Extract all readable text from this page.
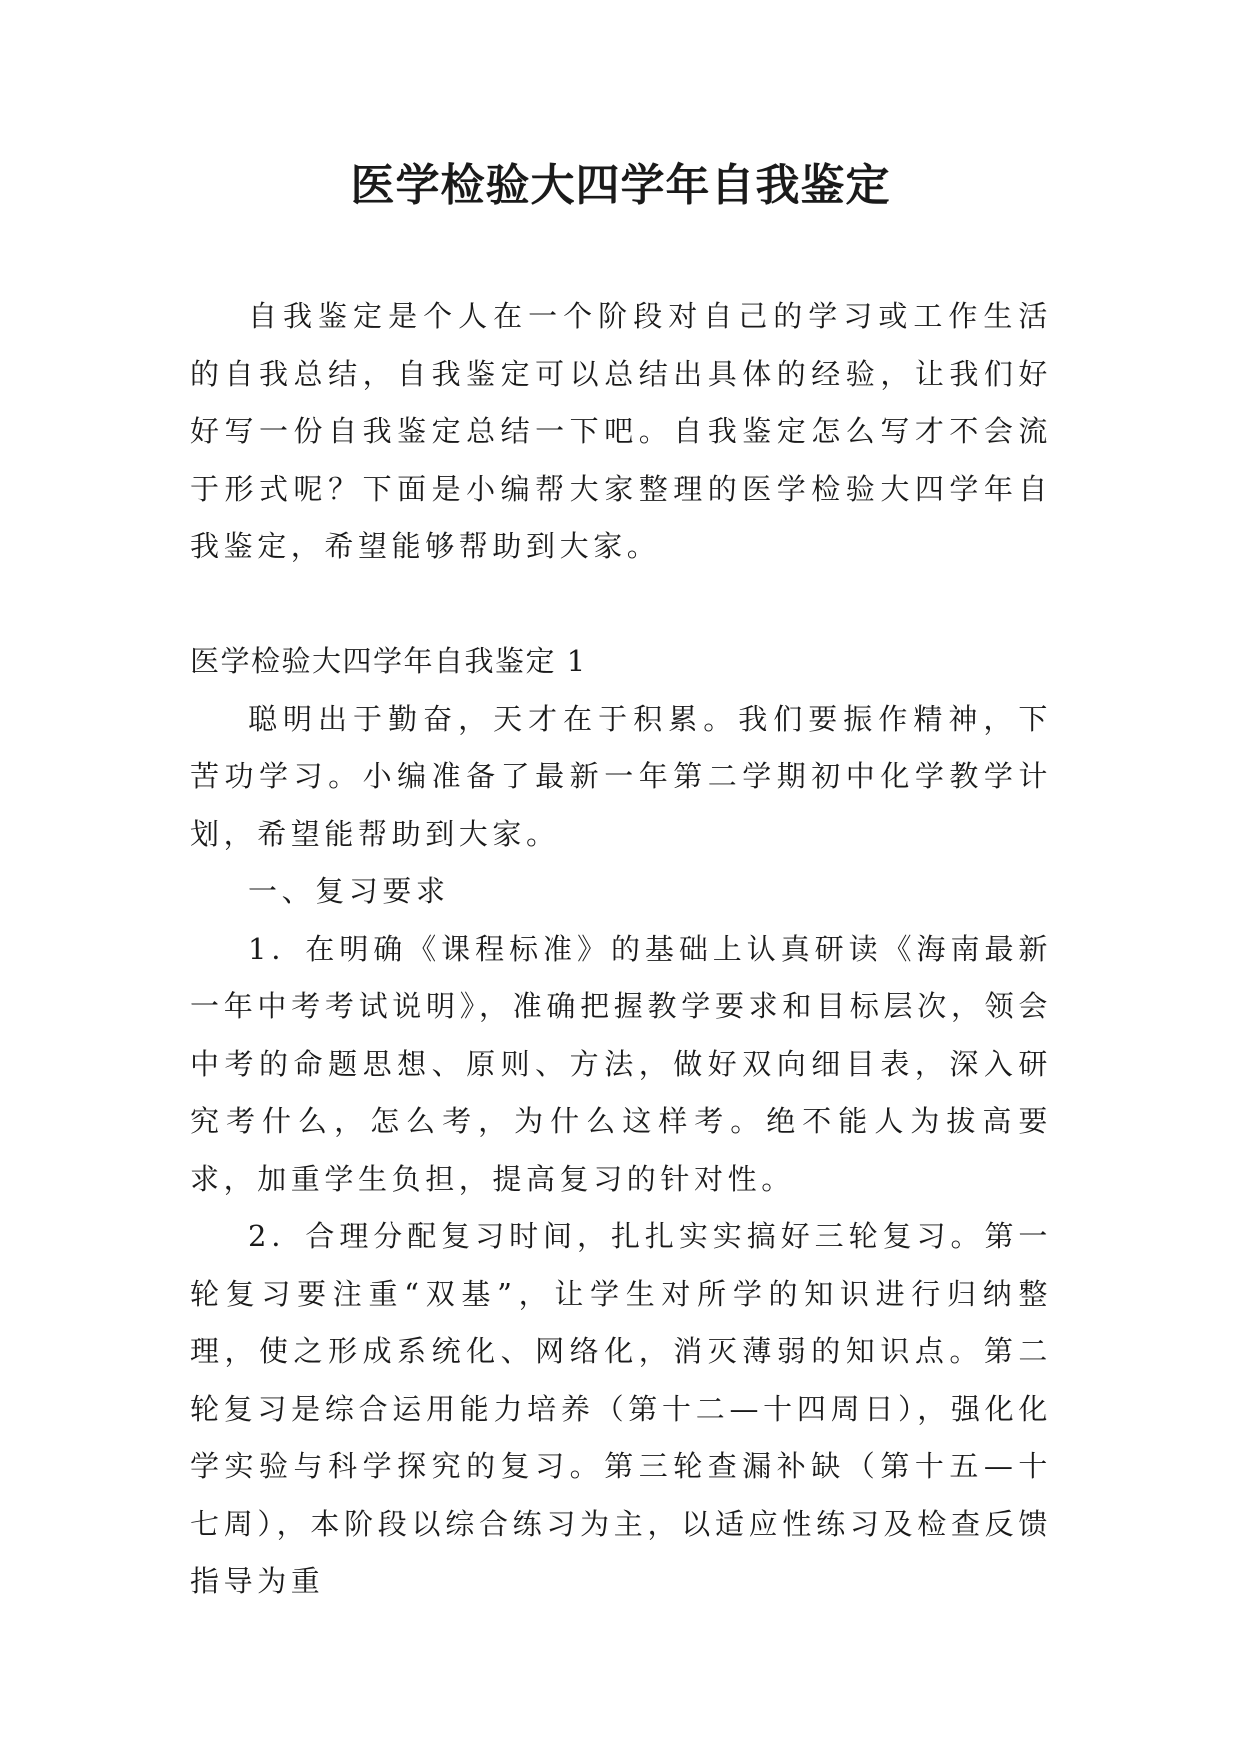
医学检验大四学年自我鉴定

自我鉴定是个人在一个阶段对自己的学习或工作生活的自我总结，自我鉴定可以总结出具体的经验，让我们好好写一份自我鉴定总结一下吧。自我鉴定怎么写才不会流于形式呢？下面是小编帮大家整理的医学检验大四学年自我鉴定，希望能够帮助到大家。

医学检验大四学年自我鉴定 1

聪明出于勤奋，天才在于积累。我们要振作精神，下苦功学习。小编准备了最新一年第二学期初中化学教学计划，希望能帮助到大家。

一、复习要求

1．在明确《课程标准》的基础上认真研读《海南最新一年中考考试说明》，准确把握教学要求和目标层次，领会中考的命题思想、原则、方法，做好双向细目表，深入研究考什么，怎么考，为什么这样考。绝不能人为拔高要求，加重学生负担，提高复习的针对性。

2．合理分配复习时间，扎扎实实搞好三轮复习。第一轮复习要注重“双基”，让学生对所学的知识进行归纳整理，使之形成系统化、网络化，消灭薄弱的知识点。第二轮复习是综合运用能力培养（第十二—十四周日），强化化学实验与科学探究的复习。第三轮查漏补缺（第十五—十七周），本阶段以综合练习为主，以适应性练习及检查反馈指导为重
